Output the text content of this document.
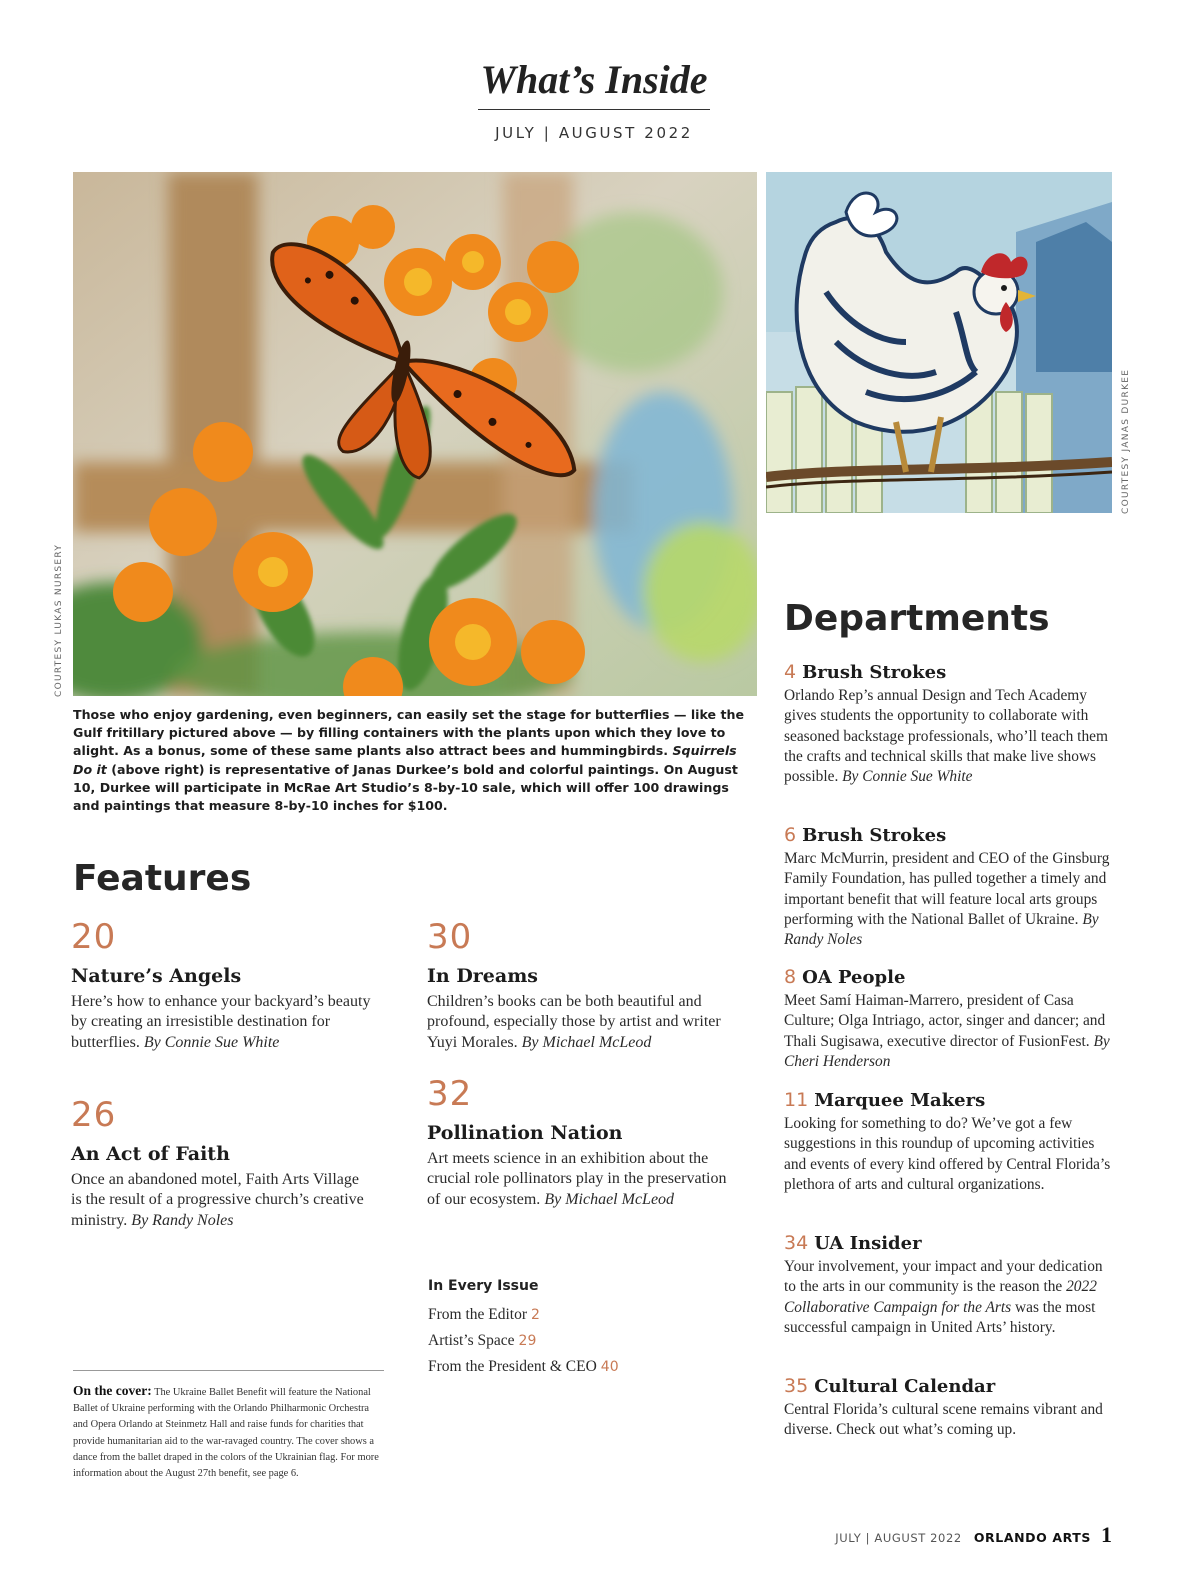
What’s Inside
JULY | AUGUST 2022
COURTESY LUKAS NURSERY
COURTESY JANAS DURKEE
Those who enjoy gardening, even beginners, can easily set the stage for butterflies — like the Gulf fritillary pictured above — by filling containers with the plants upon which they love to alight. As a bonus, some of these same plants also attract bees and hummingbirds. Squirrels Do it (above right) is representative of Janas Durkee’s bold and colorful paintings. On August 10, Durkee will participate in McRae Art Studio’s 8-by-10 sale, which will offer 100 drawings and paintings that measure 8-by-10 inches for $100.
Features
20
Nature’s Angels
Here’s how to enhance your backyard’s beauty by creating an irresistible destination for butterflies. By Connie Sue White
26
An Act of Faith
Once an abandoned motel, Faith Arts Village is the result of a progressive church’s creative ministry. By Randy Noles
30
In Dreams
Children’s books can be both beautiful and profound, especially those by artist and writer Yuyi Morales. By Michael McLeod
32
Pollination Nation
Art meets science in an exhibition about the crucial role pollinators play in the preservation of our ecosystem. By Michael McLeod
In Every Issue
From the Editor 2
Artist’s Space 29
From the President & CEO 40
On the cover: The Ukraine Ballet Benefit will feature the National Ballet of Ukraine performing with the Orlando Philharmonic Orchestra and Opera Orlando at Steinmetz Hall and raise funds for charities that provide humanitarian aid to the war-ravaged country. The cover shows a dance from the ballet draped in the colors of the Ukrainian flag. For more information about the August 27th benefit, see page 6.
Departments
4 Brush Strokes
Orlando Rep’s annual Design and Tech Academy gives students the opportunity to collaborate with seasoned backstage professionals, who’ll teach them the crafts and technical skills that make live shows possible. By Connie Sue White
6 Brush Strokes
Marc McMurrin, president and CEO of the Ginsburg Family Foundation, has pulled together a timely and important benefit that will feature local arts groups performing with the National Ballet of Ukraine. By Randy Noles
8 OA People
Meet Samí Haiman-Marrero, president of Casa Culture; Olga Intriago, actor, singer and dancer; and Thali Sugisawa, executive director of FusionFest. By Cheri Henderson
11 Marquee Makers
Looking for something to do? We’ve got a few suggestions in this roundup of upcoming activities and events of every kind offered by Central Florida’s plethora of arts and cultural organizations.
34 UA Insider
Your involvement, your impact and your dedication to the arts in our community is the reason the 2022 Collaborative Campaign for the Arts was the most successful campaign in United Arts’ history.
35 Cultural Calendar
Central Florida’s cultural scene remains vibrant and diverse. Check out what’s coming up.
JULY | AUGUST 2022 ORLANDO ARTS 1
